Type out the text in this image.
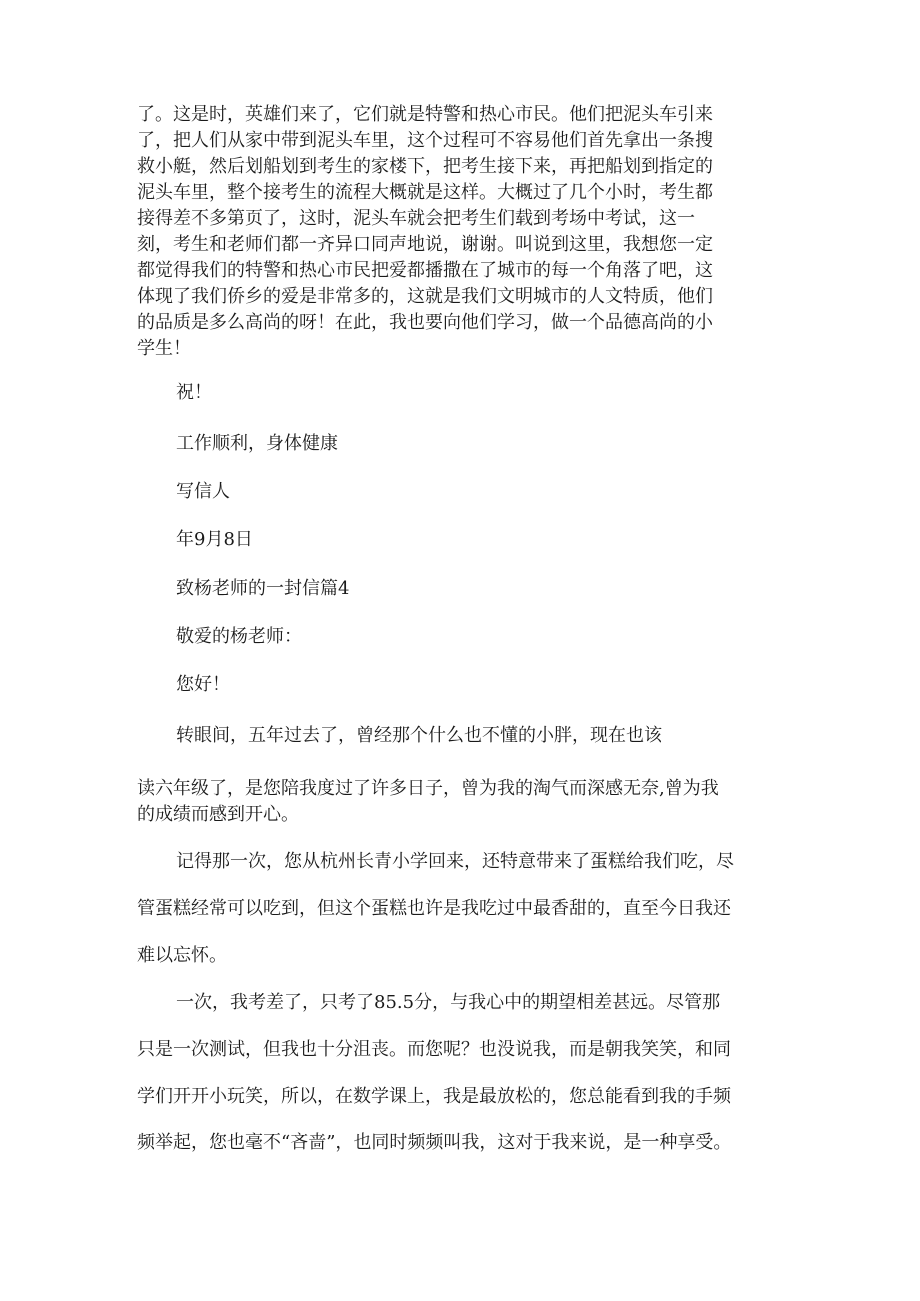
了。这是时，英雄们来了，它们就是特警和热心市民。他们把泥头车引来

了，把人们从家中带到泥头车里，这个过程可不容易他们首先拿出一条搜

救小艇，然后划船划到考生的家楼下，把考生接下来，再把船划到指定的

泥头车里，整个接考生的流程大概就是这样。大概过了几个小时，考生都

接得差不多第页了，这时，泥头车就会把考生们载到考场中考试，这一

刻，考生和老师们都一齐异口同声地说，谢谢。叫说到这里，我想您一定

都觉得我们的特警和热心市民把爱都播撒在了城市的每一个角落了吧，这

体现了我们侨乡的爱是非常多的，这就是我们文明城市的人文特质，他们

的品质是多么高尚的呀！在此，我也要向他们学习，做一个品德高尚的小

学生！

祝！

工作顺利，身体健康

写信人

年9月8日

致杨老师的一封信篇4

敬爱的杨老师：

您好！

转眼间，五年过去了，曾经那个什么也不懂的小胖，现在也该

读六年级了，是您陪我度过了许多日子，曾为我的淘气而深感无奈,曾为我

的成绩而感到开心。

记得那一次，您从杭州长青小学回来，还特意带来了蛋糕给我们吃，尽

管蛋糕经常可以吃到，但这个蛋糕也许是我吃过中最香甜的，直至今日我还

难以忘怀。

一次，我考差了，只考了85.5分，与我心中的期望相差甚远。尽管那

只是一次测试，但我也十分沮丧。而您呢？也没说我，而是朝我笑笑，和同

学们开开小玩笑，所以，在数学课上，我是最放松的，您总能看到我的手频

频举起，您也毫不“吝啬”，也同时频频叫我，这对于我来说，是一种享受。
